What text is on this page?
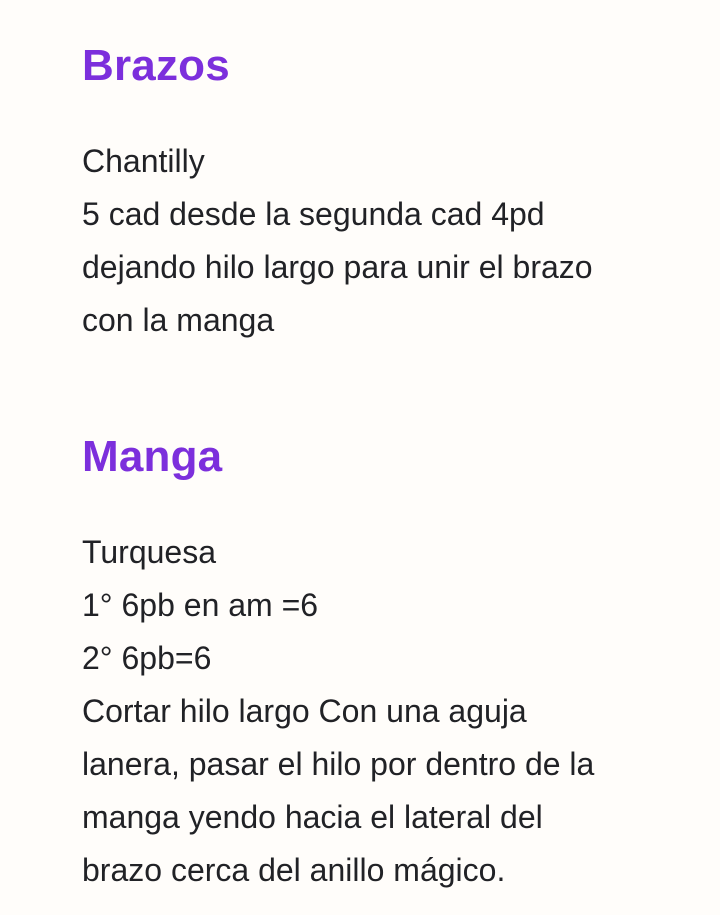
Brazos
Chantilly
5 cad desde la segunda cad 4pd
dejando hilo largo para unir el brazo
con la manga
Manga
Turquesa
1° 6pb en am =6
2° 6pb=6
Cortar hilo largo Con una aguja
lanera, pasar el hilo por dentro de la
manga yendo hacia el lateral del
brazo cerca del anillo mágico.
